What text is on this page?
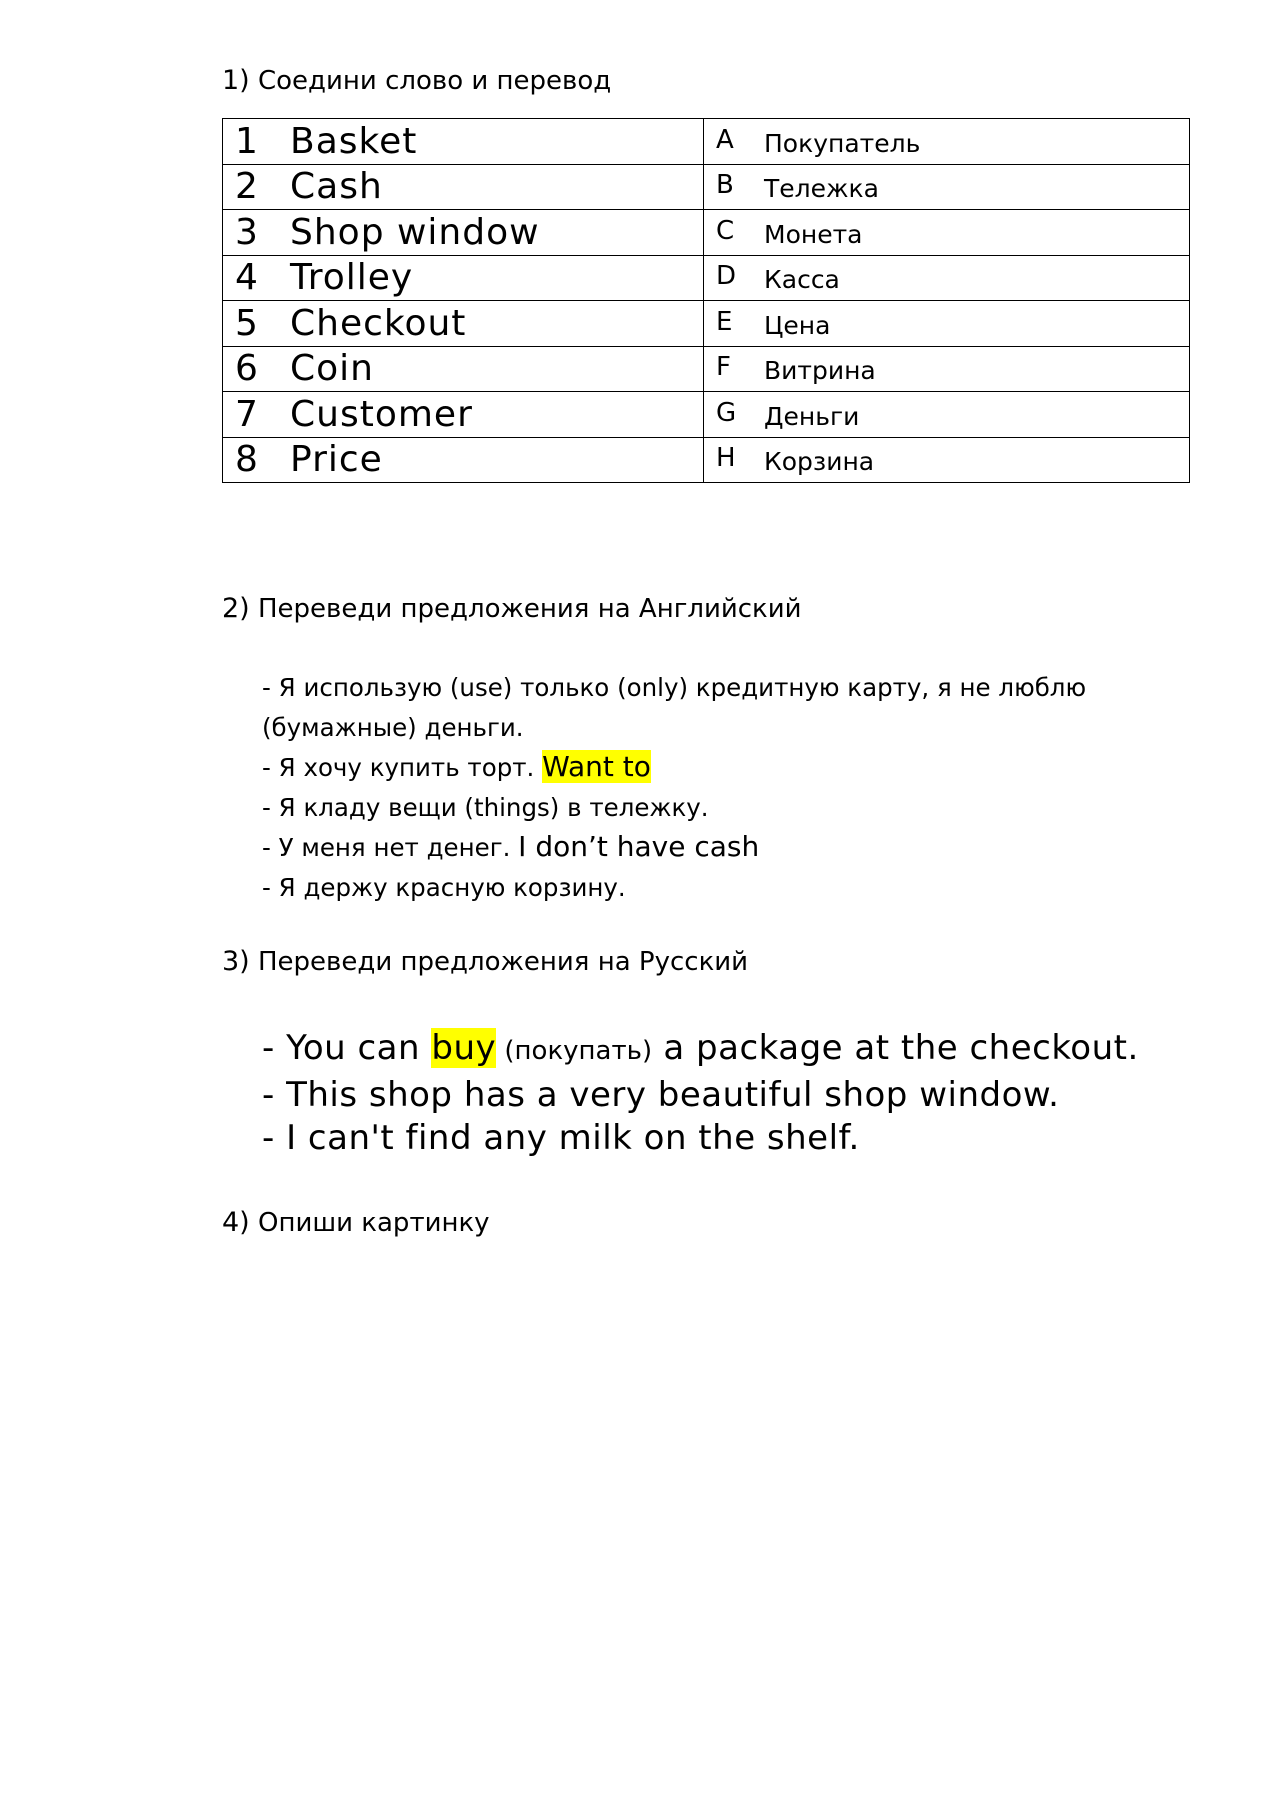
1) Соедини слово и перевод
1 Basket	A Покупатель
2 Cash	B Тележка
3 Shop window	C Монета
4 Trolley	D Касса
5 Checkout	E Цена
6 Coin	F Витрина
7 Customer	G Деньги
8 Price	H Корзина
2) Переведи предложения на Английский
- Я использую (use) только (only) кредитную карту, я не люблю
(бумажные) деньги.
- Я хочу купить торт. Want to
- Я кладу вещи (things) в тележку.
- У меня нет денег. I don’t have cash
- Я держу красную корзину.
3) Переведи предложения на Русский
- You can buy (покупать) a package at the checkout.
- This shop has a very beautiful shop window.
- I can't find any milk on the shelf.
4) Опиши картинку
